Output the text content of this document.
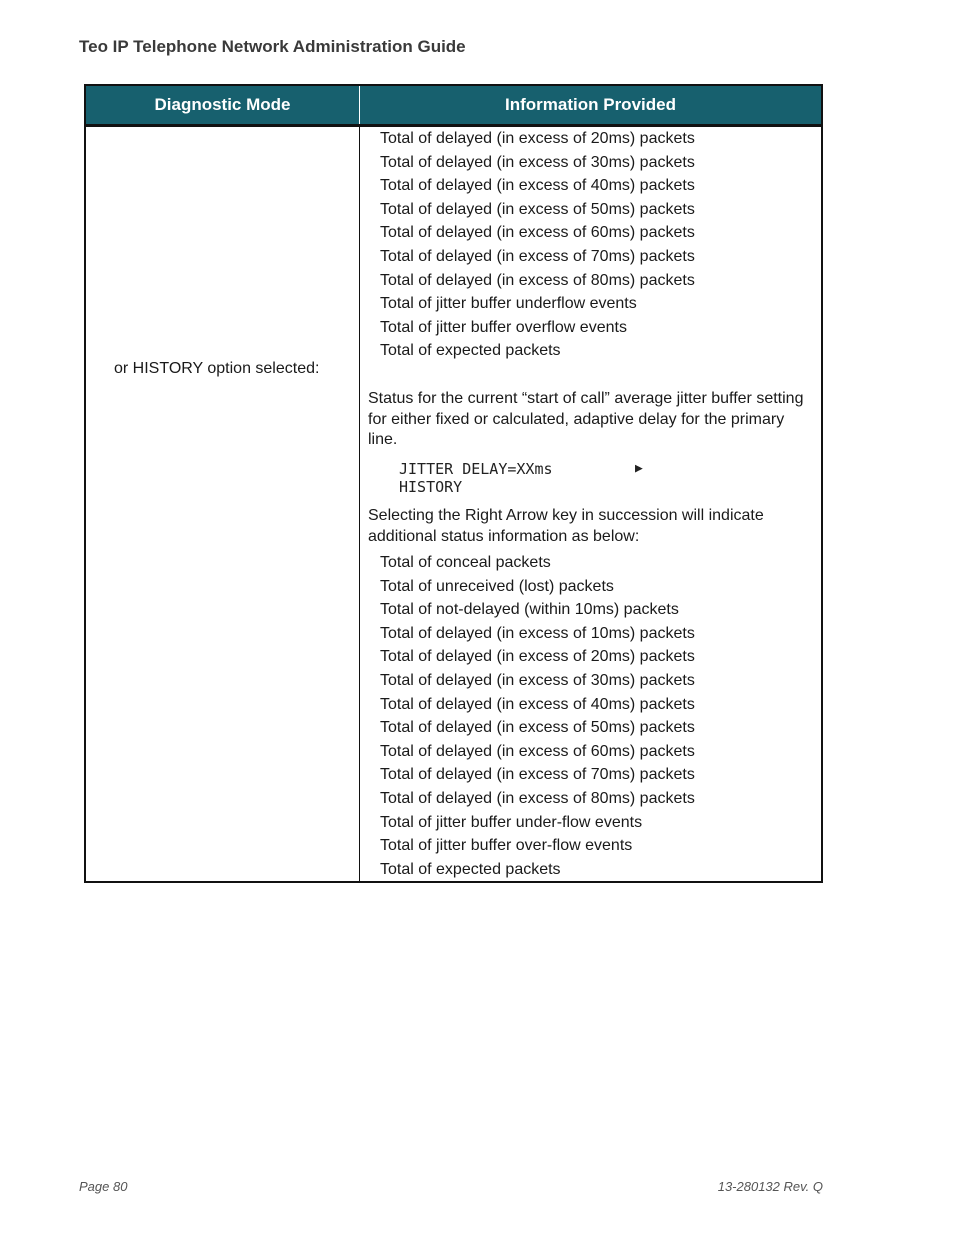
Teo IP Telephone Network Administration Guide
Diagnostic Mode	Information Provided
or HISTORY option selected:
Total of delayed (in excess of 20ms) packets
Total of delayed (in excess of 30ms) packets
Total of delayed (in excess of 40ms) packets
Total of delayed (in excess of 50ms) packets
Total of delayed (in excess of 60ms) packets
Total of delayed (in excess of 70ms) packets
Total of delayed (in excess of 80ms) packets
Total of jitter buffer underflow events
Total of jitter buffer overflow events
Total of expected packets
Status for the current “start of call” average jitter buffer setting for either fixed or calculated, adaptive delay for the primary line.
JITTER DELAY=XXms
HISTORY
▶
Selecting the Right Arrow key in succession will indicate additional status information as below:
Total of conceal packets
Total of unreceived (lost) packets
Total of not-delayed (within 10ms) packets
Total of delayed (in excess of 10ms) packets
Total of delayed (in excess of 20ms) packets
Total of delayed (in excess of 30ms) packets
Total of delayed (in excess of 40ms) packets
Total of delayed (in excess of 50ms) packets
Total of delayed (in excess of 60ms) packets
Total of delayed (in excess of 70ms) packets
Total of delayed (in excess of 80ms) packets
Total of jitter buffer under-flow events
Total of jitter buffer over-flow events
Total of expected packets
Page 80	13-280132 Rev. Q
